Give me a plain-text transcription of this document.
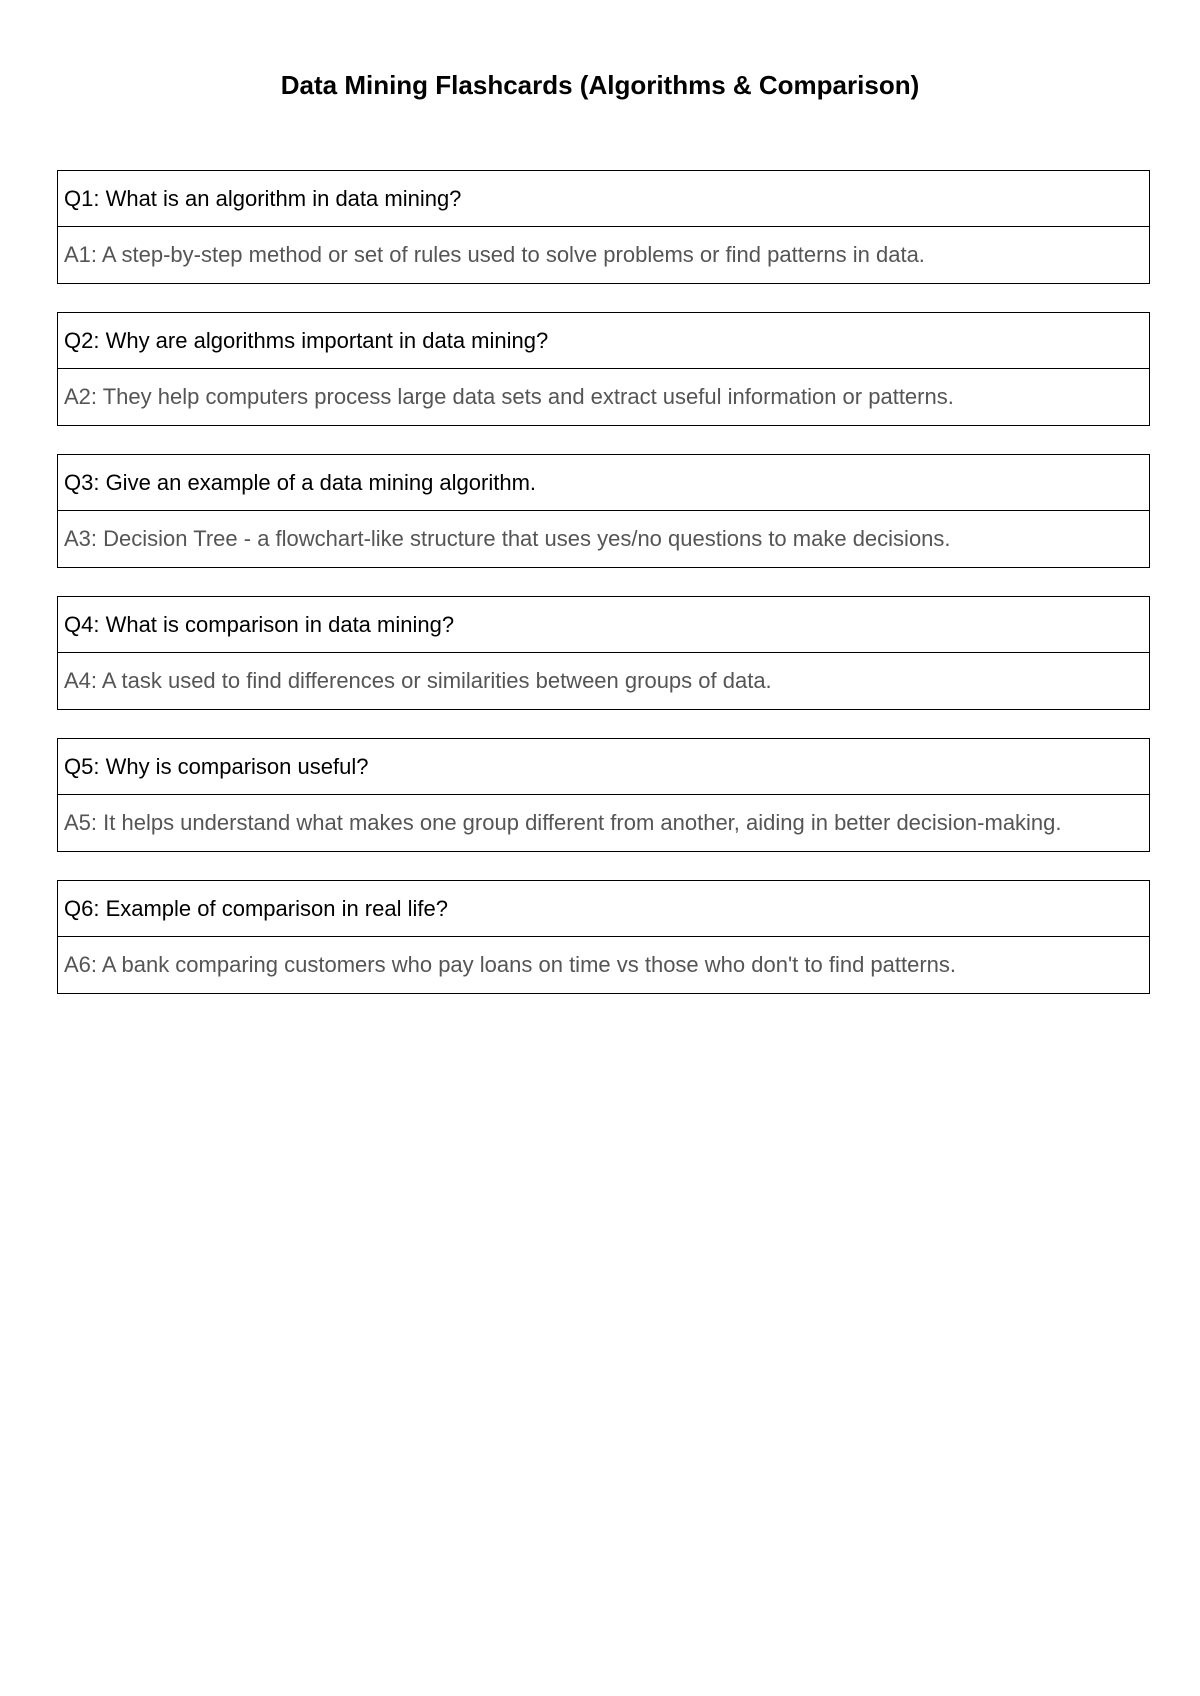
Data Mining Flashcards (Algorithms & Comparison)
Q1: What is an algorithm in data mining?
A1: A step-by-step method or set of rules used to solve problems or find patterns in data.
Q2: Why are algorithms important in data mining?
A2: They help computers process large data sets and extract useful information or patterns.
Q3: Give an example of a data mining algorithm.
A3: Decision Tree - a flowchart-like structure that uses yes/no questions to make decisions.
Q4: What is comparison in data mining?
A4: A task used to find differences or similarities between groups of data.
Q5: Why is comparison useful?
A5: It helps understand what makes one group different from another, aiding in better decision-making.
Q6: Example of comparison in real life?
A6: A bank comparing customers who pay loans on time vs those who don't to find patterns.
